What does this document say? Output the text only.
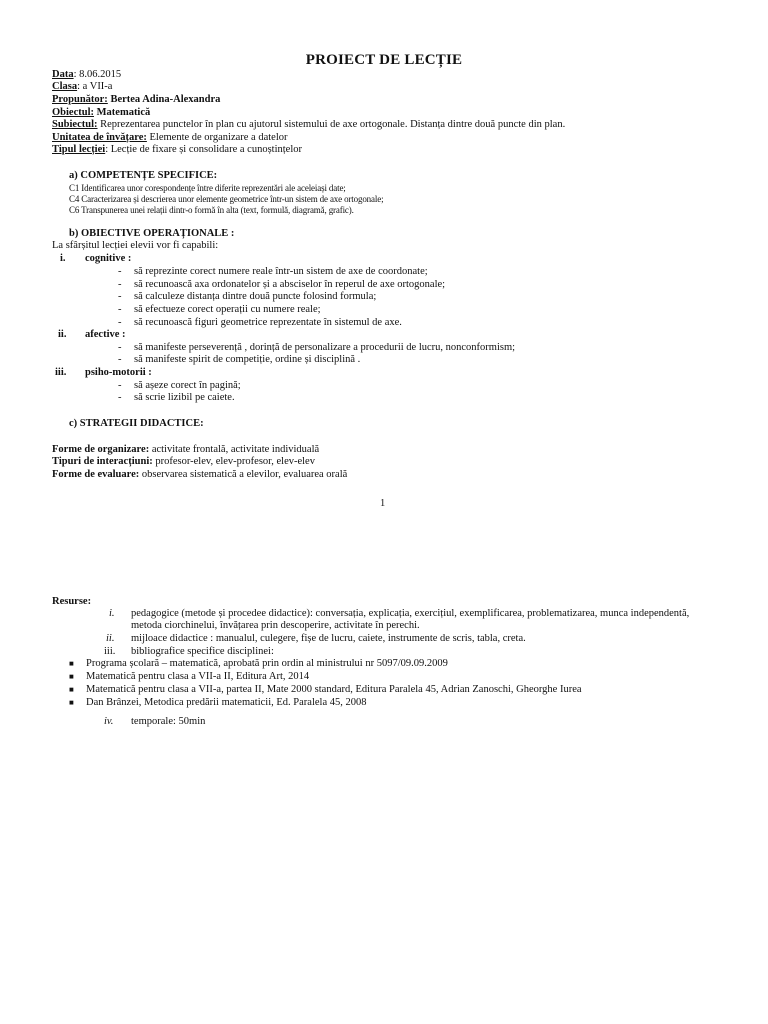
PROIECT DE LECȚIE
Data: 8.06.2015
Clasa: a VII-a
Propunător: Bertea Adina-Alexandra
Obiectul: Matematică
Subiectul: Reprezentarea punctelor în plan cu ajutorul sistemului de axe ortogonale. Distanța dintre două puncte din plan.
Unitatea de învățare: Elemente de organizare a datelor
Tipul lecției: Lecție de fixare și consolidare a cunoștințelor
a) COMPETENȚE SPECIFICE:
C1 Identificarea unor corespondențe între diferite reprezentări ale aceleiași date;
C4 Caracterizarea și descrierea unor elemente geometrice într-un sistem de axe ortogonale;
C6 Transpunerea unei relații dintr-o formă în alta (text, formulă, diagramă, grafic).
b) OBIECTIVE OPERAȚIONALE :
La sfârșitul lecției elevii vor fi capabili:
i. cognitive :
- să reprezinte corect numere reale într-un sistem de axe de coordonate;
- să recunoască axa ordonatelor și a absciselor în reperul de axe ortogonale;
- să calculeze distanța dintre două puncte folosind formula;
- să efectueze corect operații cu numere reale;
- să recunoască figuri geometrice reprezentate în sistemul de axe.
ii. afective :
- să manifeste perseverență , dorință de personalizare a procedurii de lucru, nonconformism;
- să manifeste spirit de competiție, ordine și disciplină .
iii. psiho-motorii :
- să așeze corect în pagină;
- să scrie lizibil pe caiete.
c) STRATEGII DIDACTICE:
Forme de organizare: activitate frontală, activitate individuală
Tipuri de interacțiuni: profesor-elev, elev-profesor, elev-elev
Forme de evaluare: observarea sistematică a elevilor, evaluarea orală
1
Resurse:
i. pedagogice (metode și procedee didactice): conversația, explicația, exercițiul, exemplificarea, problematizarea, munca independentă,
metoda ciorchinelui, învățarea prin descoperire, activitate în perechi.
ii. mijloace didactice : manualul, culegere, fișe de lucru, caiete, instrumente de scris, tabla, creta.
iii. bibliografice specifice disciplinei:
■ Programa școlară – matematică, aprobată prin ordin al ministrului nr 5097/09.09.2009
■ Matematică pentru clasa a VII-a II, Editura Art, 2014
■ Matematică pentru clasa a VII-a, partea II, Mate 2000 standard, Editura Paralela 45, Adrian Zanoschi, Gheorghe Iurea
■ Dan Brânzei, Metodica predării matematicii, Ed. Paralela 45, 2008
iv. temporale: 50min
